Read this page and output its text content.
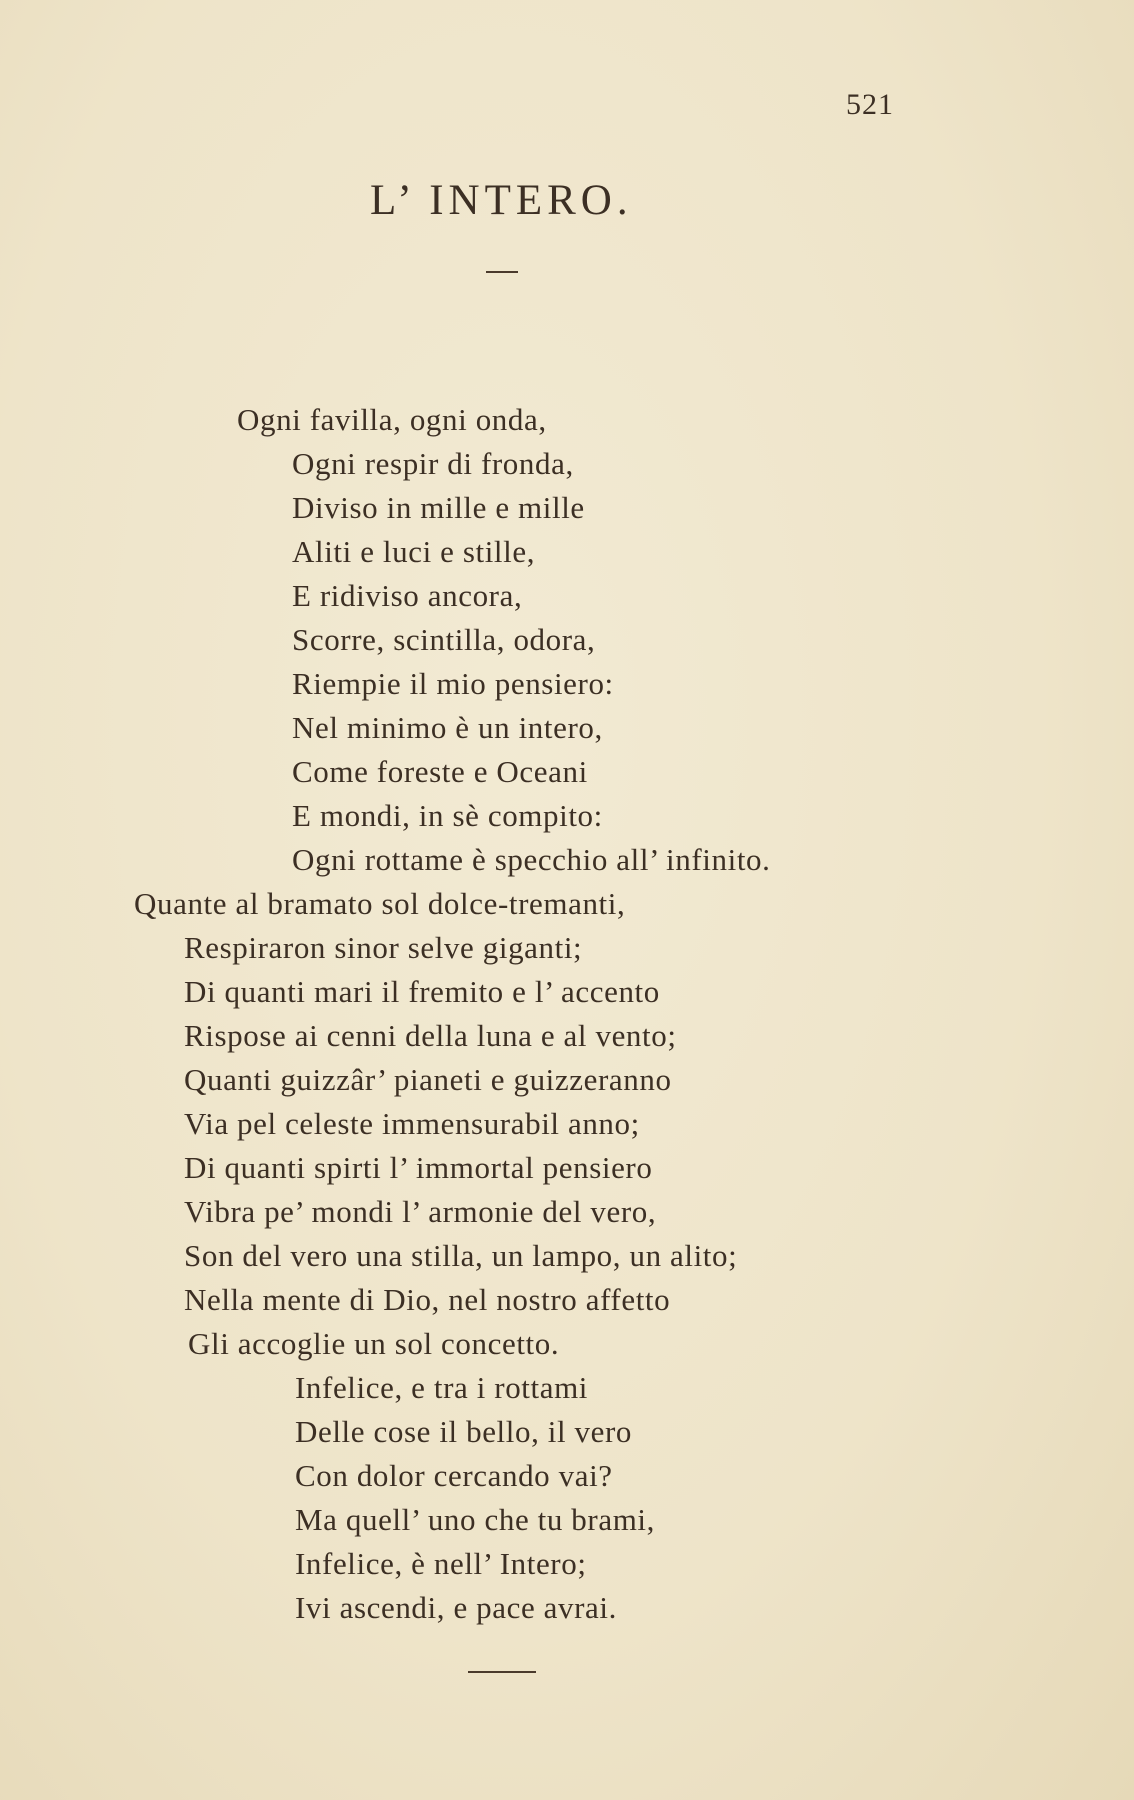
521
L’ INTERO.
Ogni favilla, ogni onda,
Ogni respir di fronda,
Diviso in mille e mille
Aliti e luci e stille,
E ridiviso ancora,
Scorre, scintilla, odora,
Riempie il mio pensiero:
Nel minimo è un intero,
Come foreste e Oceani
E mondi, in sè compito:
Ogni rottame è specchio all’ infinito.
Quante al bramato sol dolce-tremanti,
Respiraron sinor selve giganti;
Di quanti mari il fremito e l’ accento
Rispose ai cenni della luna e al vento;
Quanti guizzâr’ pianeti e guizzeranno
Via pel celeste immensurabil anno;
Di quanti spirti l’ immortal pensiero
Vibra pe’ mondi l’ armonie del vero,
Son del vero una stilla, un lampo, un alito;
Nella mente di Dio, nel nostro affetto
Gli accoglie un sol concetto.
Infelice, e tra i rottami
Delle cose il bello, il vero
Con dolor cercando vai?
Ma quell’ uno che tu brami,
Infelice, è nell’ Intero;
Ivi ascendi, e pace avrai.
